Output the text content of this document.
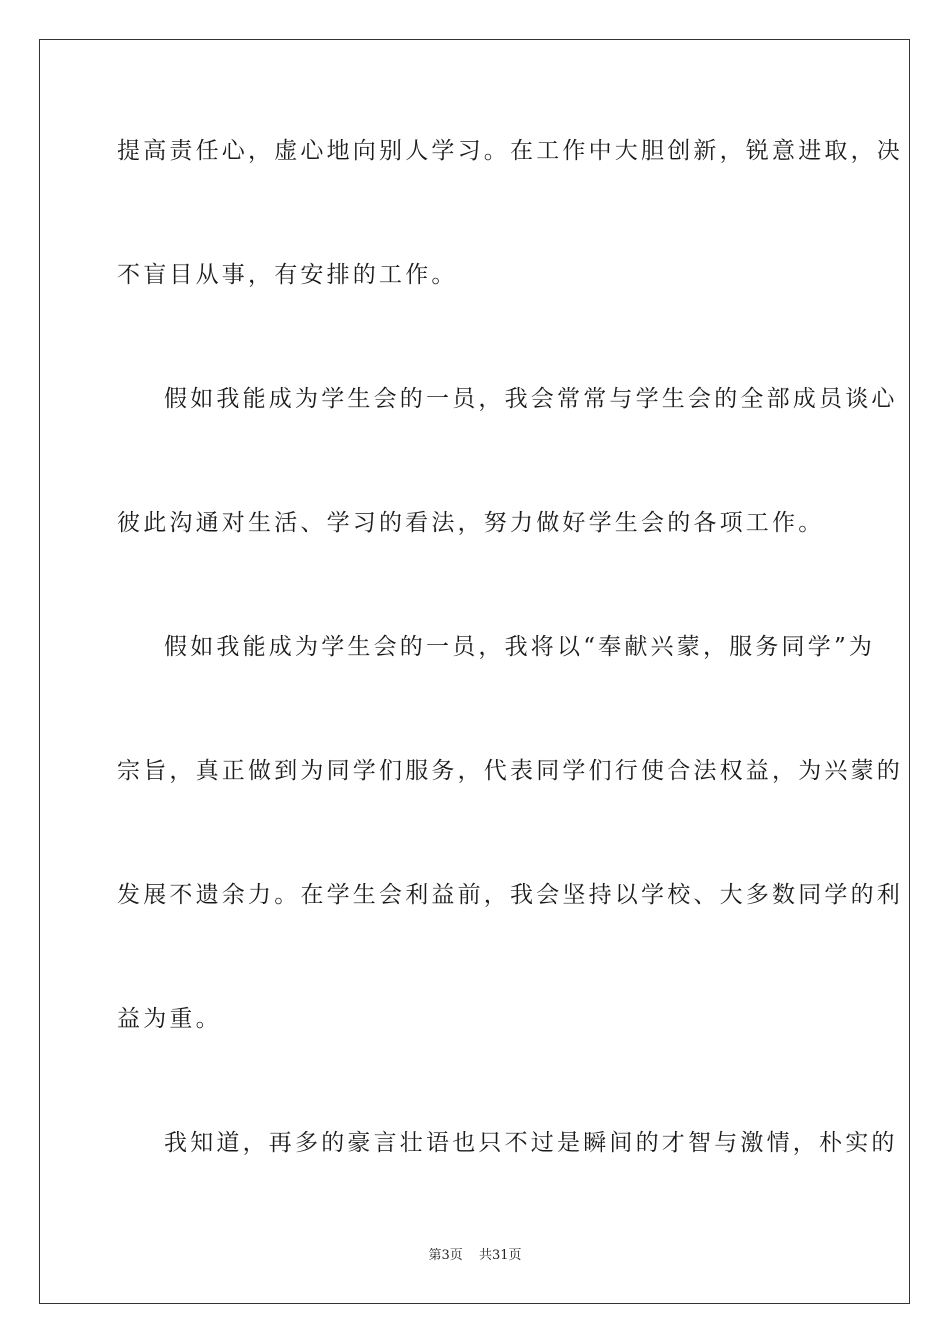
提高责任心，虚心地向别人学习。在工作中大胆创新，锐意进取，决
不盲目从事，有安排的工作。
假如我能成为学生会的一员，我会常常与学生会的全部成员谈心
彼此沟通对生活、学习的看法，努力做好学生会的各项工作。
假如我能成为学生会的一员，我将以“奉献兴蒙，服务同学”为
宗旨，真正做到为同学们服务，代表同学们行使合法权益，为兴蒙的
发展不遗余力。在学生会利益前，我会坚持以学校、大多数同学的利
益为重。
我知道，再多的豪言壮语也只不过是瞬间的才智与激情，朴实的
第3页 共31页
